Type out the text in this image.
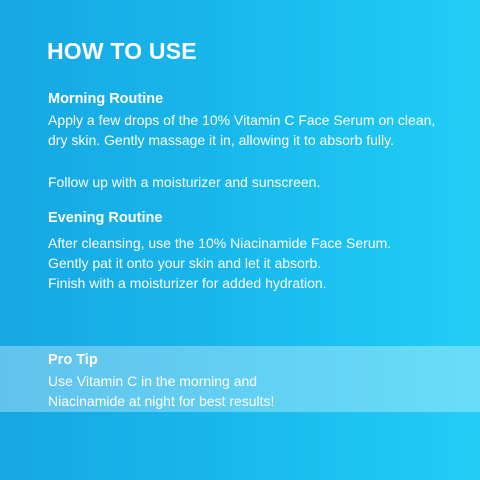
HOW TO USE
Morning Routine

Apply a few drops of the 10% Vitamin C Face Serum on clean,
dry skin. Gently massage it in, allowing it to absorb fully.

Follow up with a moisturizer and sunscreen.

Evening Routine

After cleansing, use the 10% Niacinamide Face Serum.
Gently pat it onto your skin and let it absorb.
Finish with a moisturizer for added hydration.

Pro Tip

Use Vitamin C in the morning and
Niacinamide at night for best results!
